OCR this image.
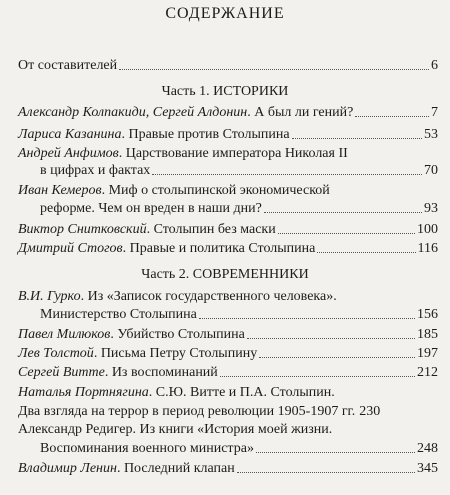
СОДЕРЖАНИЕ
От составителей	6
Часть 1. ИСТОРИКИ
Александр Колпакиди, Сергей Алдонин. А был ли гений?	7
Лариса Казанина. Правые против Столыпина	53
Андрей Анфимов. Царствование императора Николая II
в цифрах и фактах	70
Иван Кемеров. Миф о столыпинской экономической
реформе. Чем он вреден в наши дни?	93
Виктор Снитковский. Столыпин без маски	100
Дмитрий Стогов. Правые и политика Столыпина	116
Часть 2. СОВРЕМЕННИКИ
В.И. Гурко. Из «Записок государственного человека».
Министерство Столыпина	156
Павел Милюков. Убийство Столыпина	185
Лев Толстой. Письма Петру Столыпину	197
Сергей Витте. Из воспоминаний	212
Наталья Портнягина. С.Ю. Витте и П.А. Столыпин.
Два взгляда на террор в период революции 1905-1907 гг. 230
Александр Редигер. Из книги «История моей жизни.
Воспоминания военного министра»	248
Владимир Ленин. Последний клапан	345
